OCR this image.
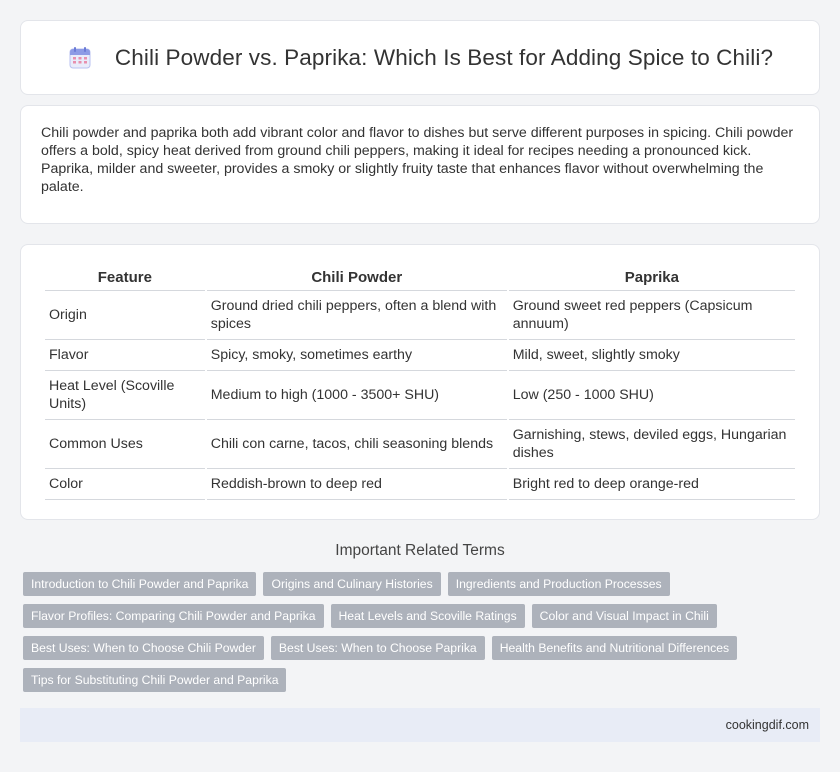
Chili Powder vs. Paprika: Which Is Best for Adding Spice to Chili?

Chili powder and paprika both add vibrant color and flavor to dishes but serve different purposes in spicing. Chili powder offers a bold, spicy heat derived from ground chili peppers, making it ideal for recipes needing a pronounced kick. Paprika, milder and sweeter, provides a smoky or slightly fruity taste that enhances flavor without overwhelming the palate.

Feature	Chili Powder	Paprika
Origin	Ground dried chili peppers, often a blend with spices	Ground sweet red peppers (Capsicum annuum)
Flavor	Spicy, smoky, sometimes earthy	Mild, sweet, slightly smoky
Heat Level (Scoville Units)	Medium to high (1000 - 3500+ SHU)	Low (250 - 1000 SHU)
Common Uses	Chili con carne, tacos, chili seasoning blends	Garnishing, stews, deviled eggs, Hungarian dishes
Color	Reddish-brown to deep red	Bright red to deep orange-red
Important Related Terms
Introduction to Chili Powder and Paprika	Origins and Culinary Histories	Ingredients and Production Processes
Flavor Profiles: Comparing Chili Powder and Paprika	Heat Levels and Scoville Ratings	Color and Visual Impact in Chili
Best Uses: When to Choose Chili Powder	Best Uses: When to Choose Paprika	Health Benefits and Nutritional Differences
Tips for Substituting Chili Powder and Paprika
cookingdif.com
